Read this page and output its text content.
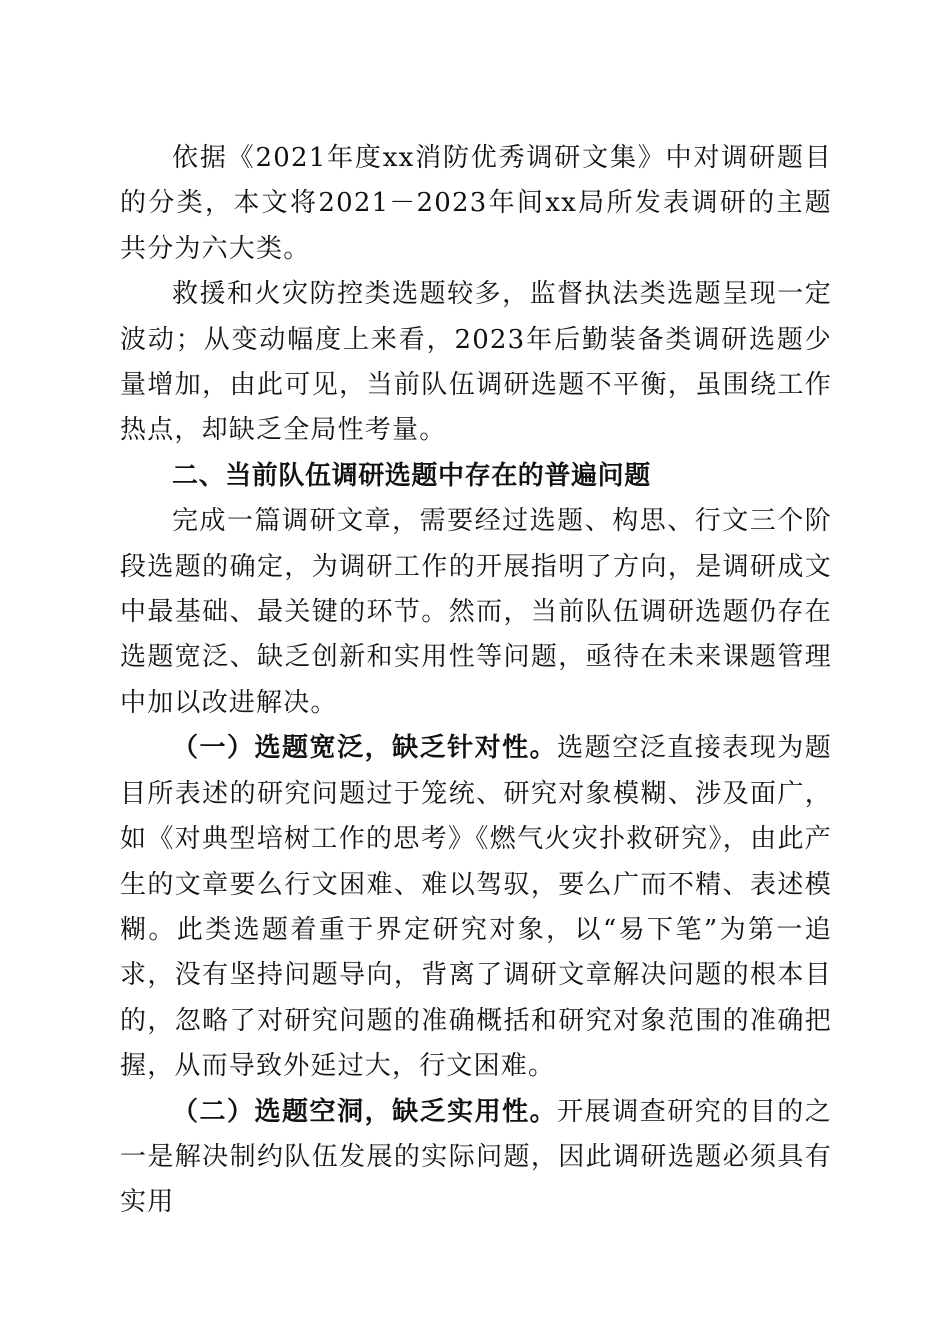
依据《2021年度xx消防优秀调研文集》中对调研题目的分类，本文将2021－2023年间xx局所发表调研的主题共分为六大类。

救援和火灾防控类选题较多，监督执法类选题呈现一定波动；从变动幅度上来看，2023年后勤装备类调研选题少量增加，由此可见，当前队伍调研选题不平衡，虽围绕工作热点，却缺乏全局性考量。

二、当前队伍调研选题中存在的普遍问题

完成一篇调研文章，需要经过选题、构思、行文三个阶段选题的确定，为调研工作的开展指明了方向，是调研成文中最基础、最关键的环节。然而，当前队伍调研选题仍存在选题宽泛、缺乏创新和实用性等问题，亟待在未来课题管理中加以改进解决。

（一）选题宽泛，缺乏针对性。选题空泛直接表现为题目所表述的研究问题过于笼统、研究对象模糊、涉及面广，如《对典型培树工作的思考》《燃气火灾扑救研究》，由此产生的文章要么行文困难、难以驾驭，要么广而不精、表述模糊。此类选题着重于界定研究对象，以“易下笔”为第一追求，没有坚持问题导向，背离了调研文章解决问题的根本目的，忽略了对研究问题的准确概括和研究对象范围的准确把握，从而导致外延过大，行文困难。

（二）选题空洞，缺乏实用性。开展调查研究的目的之一是解决制约队伍发展的实际问题，因此调研选题必须具有实用
